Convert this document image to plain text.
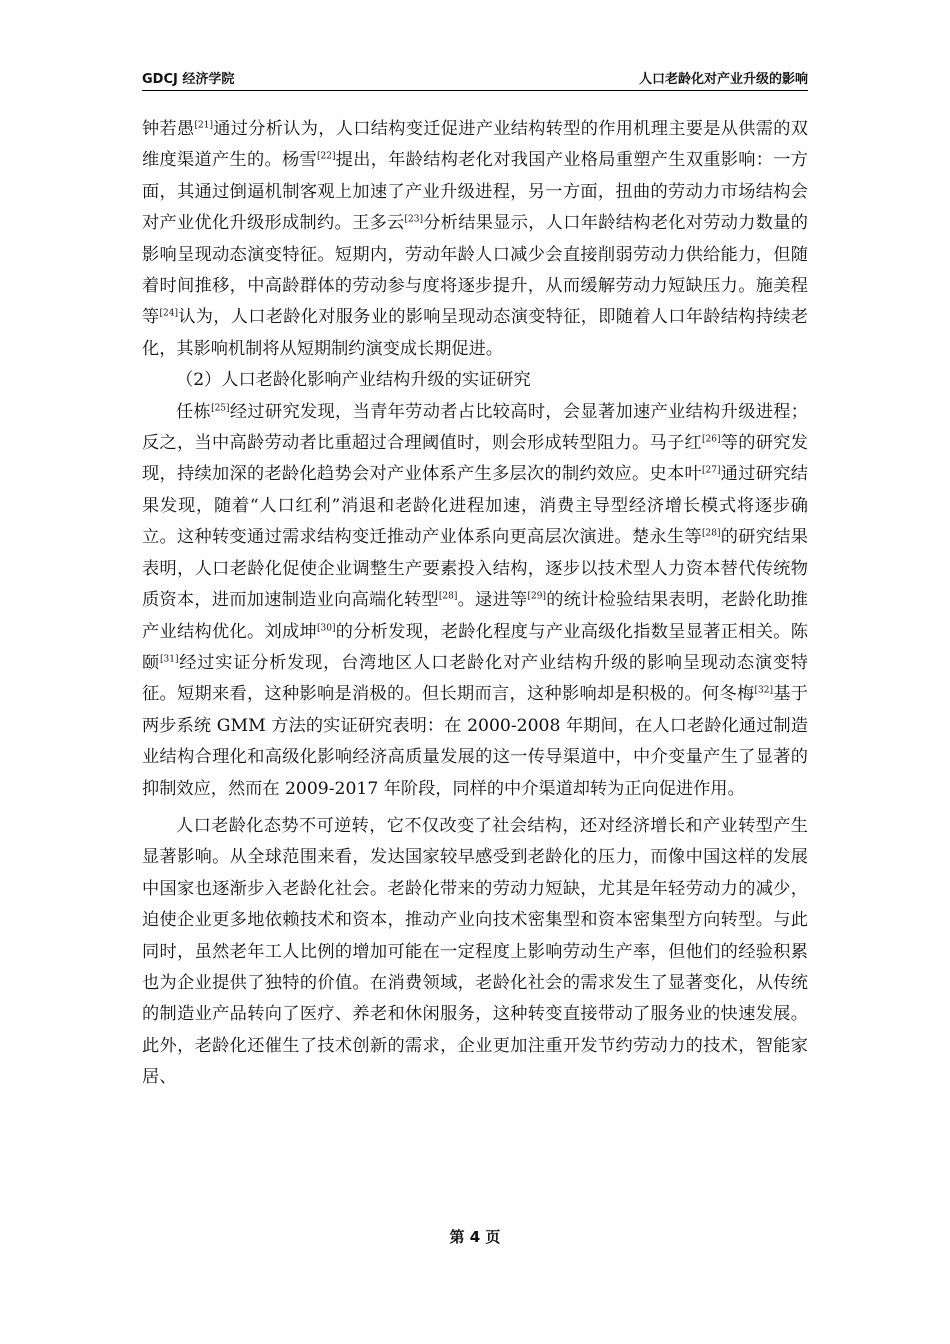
GDCJ 经济学院	人口老龄化对产业升级的影响

钟若愚[21]通过分析认为，人口结构变迁促进产业结构转型的作用机理主要是从供需的双维度渠道产生的。杨雪[22]提出，年龄结构老化对我国产业格局重塑产生双重影响：一方面，其通过倒逼机制客观上加速了产业升级进程，另一方面，扭曲的劳动力市场结构会对产业优化升级形成制约。王多云[23]分析结果显示，人口年龄结构老化对劳动力数量的影响呈现动态演变特征。短期内，劳动年龄人口减少会直接削弱劳动力供给能力，但随着时间推移，中高龄群体的劳动参与度将逐步提升，从而缓解劳动力短缺压力。施美程等[24]认为，人口老龄化对服务业的影响呈现动态演变特征，即随着人口年龄结构持续老化，其影响机制将从短期制约演变成长期促进。

（2）人口老龄化影响产业结构升级的实证研究

任栋[25]经过研究发现，当青年劳动者占比较高时，会显著加速产业结构升级进程；反之，当中高龄劳动者比重超过合理阈值时，则会形成转型阻力。马子红[26]等的研究发现，持续加深的老龄化趋势会对产业体系产生多层次的制约效应。史本叶[27]通过研究结果发现，随着“人口红利”消退和老龄化进程加速，消费主导型经济增长模式将逐步确立。这种转变通过需求结构变迁推动产业体系向更高层次演进。楚永生等[28]的研究结果表明，人口老龄化促使企业调整生产要素投入结构，逐步以技术型人力资本替代传统物质资本，进而加速制造业向高端化转型[28]。逯进等[29]的统计检验结果表明，老龄化助推产业结构优化。刘成坤[30]的分析发现，老龄化程度与产业高级化指数呈显著正相关。陈颐[31]经过实证分析发现，台湾地区人口老龄化对产业结构升级的影响呈现动态演变特征。短期来看，这种影响是消极的。但长期而言，这种影响却是积极的。何冬梅[32]基于两步系统 GMM 方法的实证研究表明：在 2000-2008 年期间，在人口老龄化通过制造业结构合理化和高级化影响经济高质量发展的这一传导渠道中，中介变量产生了显著的抑制效应，然而在 2009-2017 年阶段，同样的中介渠道却转为正向促进作用。

人口老龄化态势不可逆转，它不仅改变了社会结构，还对经济增长和产业转型产生显著影响。从全球范围来看，发达国家较早感受到老龄化的压力，而像中国这样的发展中国家也逐渐步入老龄化社会。老龄化带来的劳动力短缺，尤其是年轻劳动力的减少，迫使企业更多地依赖技术和资本，推动产业向技术密集型和资本密集型方向转型。与此同时，虽然老年工人比例的增加可能在一定程度上影响劳动生产率，但他们的经验积累也为企业提供了独特的价值。在消费领域，老龄化社会的需求发生了显著变化，从传统的制造业产品转向了医疗、养老和休闲服务，这种转变直接带动了服务业的快速发展。此外，老龄化还催生了技术创新的需求，企业更加注重开发节约劳动力的技术，智能家居、

第 4 页
